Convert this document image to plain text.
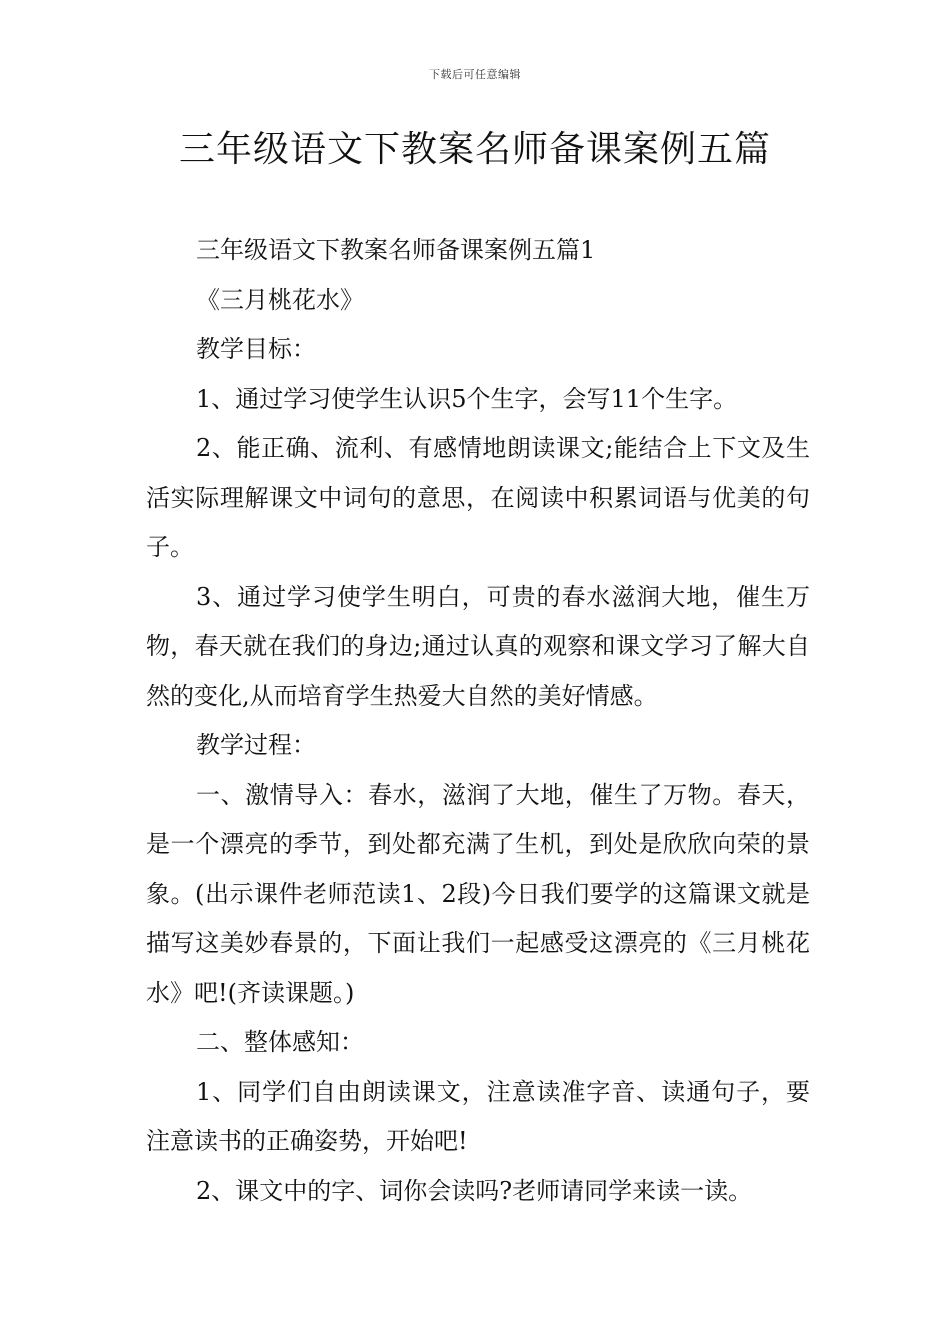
下载后可任意编辑
三年级语文下教案名师备课案例五篇

三年级语文下教案名师备课案例五篇1

《三月桃花水》

教学目标：

1、通过学习使学生认识5个生字，会写11个生字。

2、能正确、流利、有感情地朗读课文;能结合上下文及生活实际理解课文中词句的意思，在阅读中积累词语与优美的句子。

3、通过学习使学生明白，可贵的春水滋润大地，催生万物，春天就在我们的身边;通过认真的观察和课文学习了解大自然的变化,从而培育学生热爱大自然的美好情感。

教学过程：

一、激情导入：春水，滋润了大地，催生了万物。春天，是一个漂亮的季节，到处都充满了生机，到处是欣欣向荣的景象。(出示课件老师范读1、2段)今日我们要学的这篇课文就是描写这美妙春景的，下面让我们一起感受这漂亮的《三月桃花水》吧!(齐读课题。)

二、整体感知：

1、同学们自由朗读课文，注意读准字音、读通句子，要注意读书的正确姿势，开始吧!

2、课文中的字、词你会读吗?老师请同学来读一读。
